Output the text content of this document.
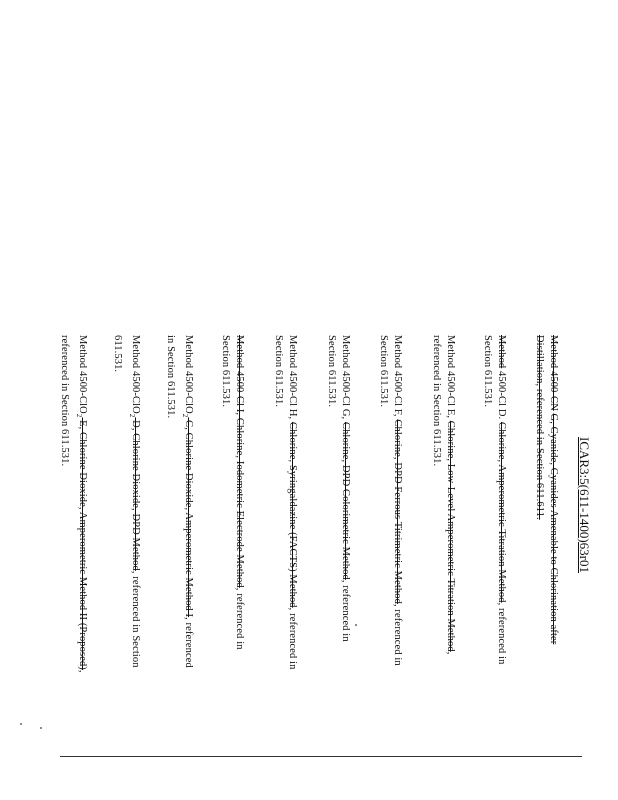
ICAR3:5(611-1400)63r01
Method 4500-CN G, Cyanide, Cyanides Amenable to Chlorination after Distillation, referenced in Section 611.611.
Method 4500-Cl D. Chlorine, Amperometric Titration Method, referenced in Section 611.531.
Method 4500-Cl E, Chlorine, Low-Level Amperometric Titration Method, referenced in Section 611.531.
Method 4500-Cl F, Chlorine, DPD Ferrous Titrimetric Method, referenced in Section 611.531.
Method 4500-Cl G, Chlorine, DPD Colorimetric Method, referenced in Section 611.531.
Method 4500-Cl H, Chlorine, Syringaldazine (FACTS) Method, referenced in Section 611.531.
Method 4500-Cl I, Chlorine, Iodometric Electrode Method, referenced in Section 611.531.
Method 4500-ClO$_2$ C, Chlorine Dioxide, Amperometric Method I, referenced in Section 611.531.
Method 4500-ClO$_2$ D, Chlorine Dioxide, DPD Method, referenced in Section 611.531.
Method 4500-ClO$_2$ E, Chlorine Dioxide, Amperometric Method II (Proposed), referenced in Section 611.531.
